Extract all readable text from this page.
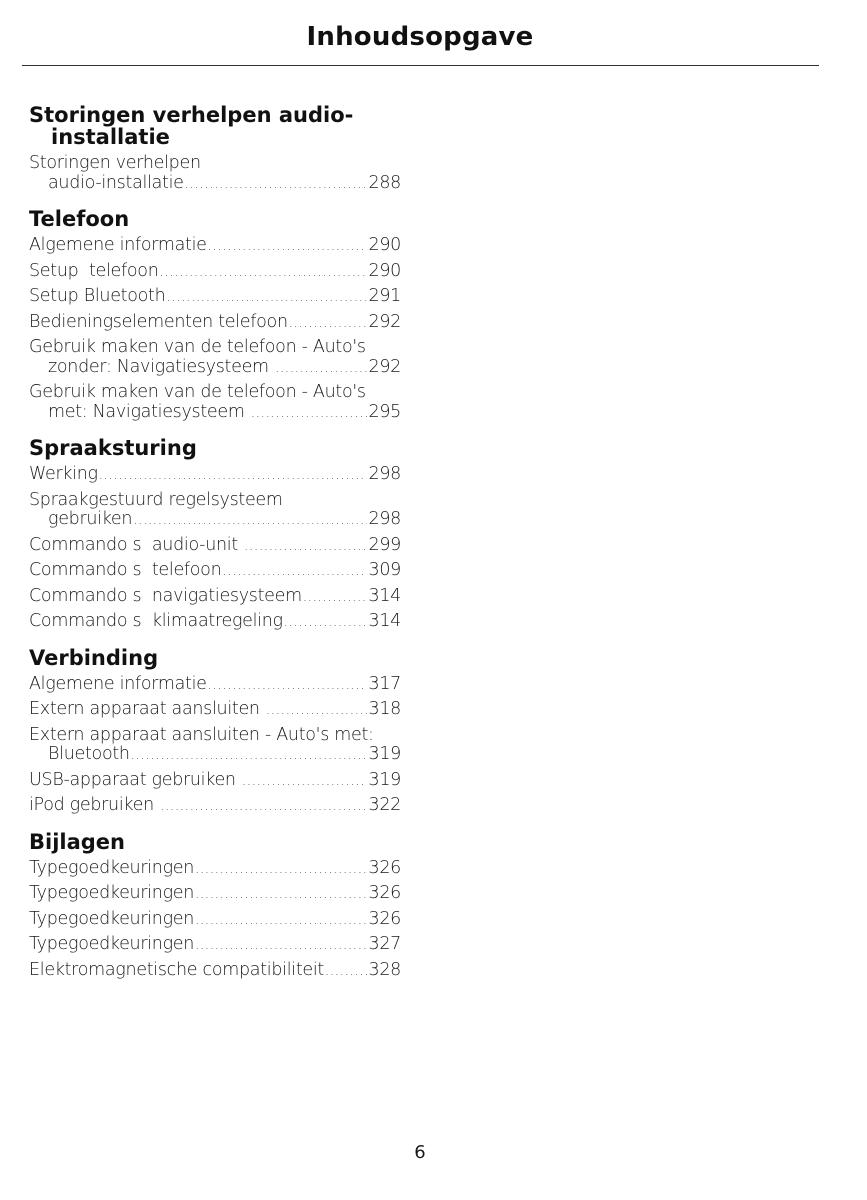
Inhoudsopgave
Storingen verhelpen audio-
installatie
Storingen verhelpen
audio-installatie .....	288
Telefoon
Algemene informatie .....	290
Setup  telefoon .....	290
Setup Bluetooth .....	291
Bedieningselementen telefoon .....	292
Gebruik maken van de telefoon - Auto's
zonder: Navigatiesysteem .....	292
Gebruik maken van de telefoon - Auto's
met: Navigatiesysteem .....	295
Spraaksturing
Werking .....	298
Spraakgestuurd regelsysteem
gebruiken .....	298
Commando s  audio-unit .....	299
Commando s  telefoon .....	309
Commando s  navigatiesysteem .....	314
Commando s  klimaatregeling .....	314
Verbinding
Algemene informatie .....	317
Extern apparaat aansluiten .....	318
Extern apparaat aansluiten - Auto's met:
Bluetooth .....	319
USB-apparaat gebruiken .....	319
iPod gebruiken .....	322
Bijlagen
Typegoedkeuringen .....	326
Typegoedkeuringen .....	326
Typegoedkeuringen .....	326
Typegoedkeuringen .....	327
Elektromagnetische compatibiliteit .....	328
6
